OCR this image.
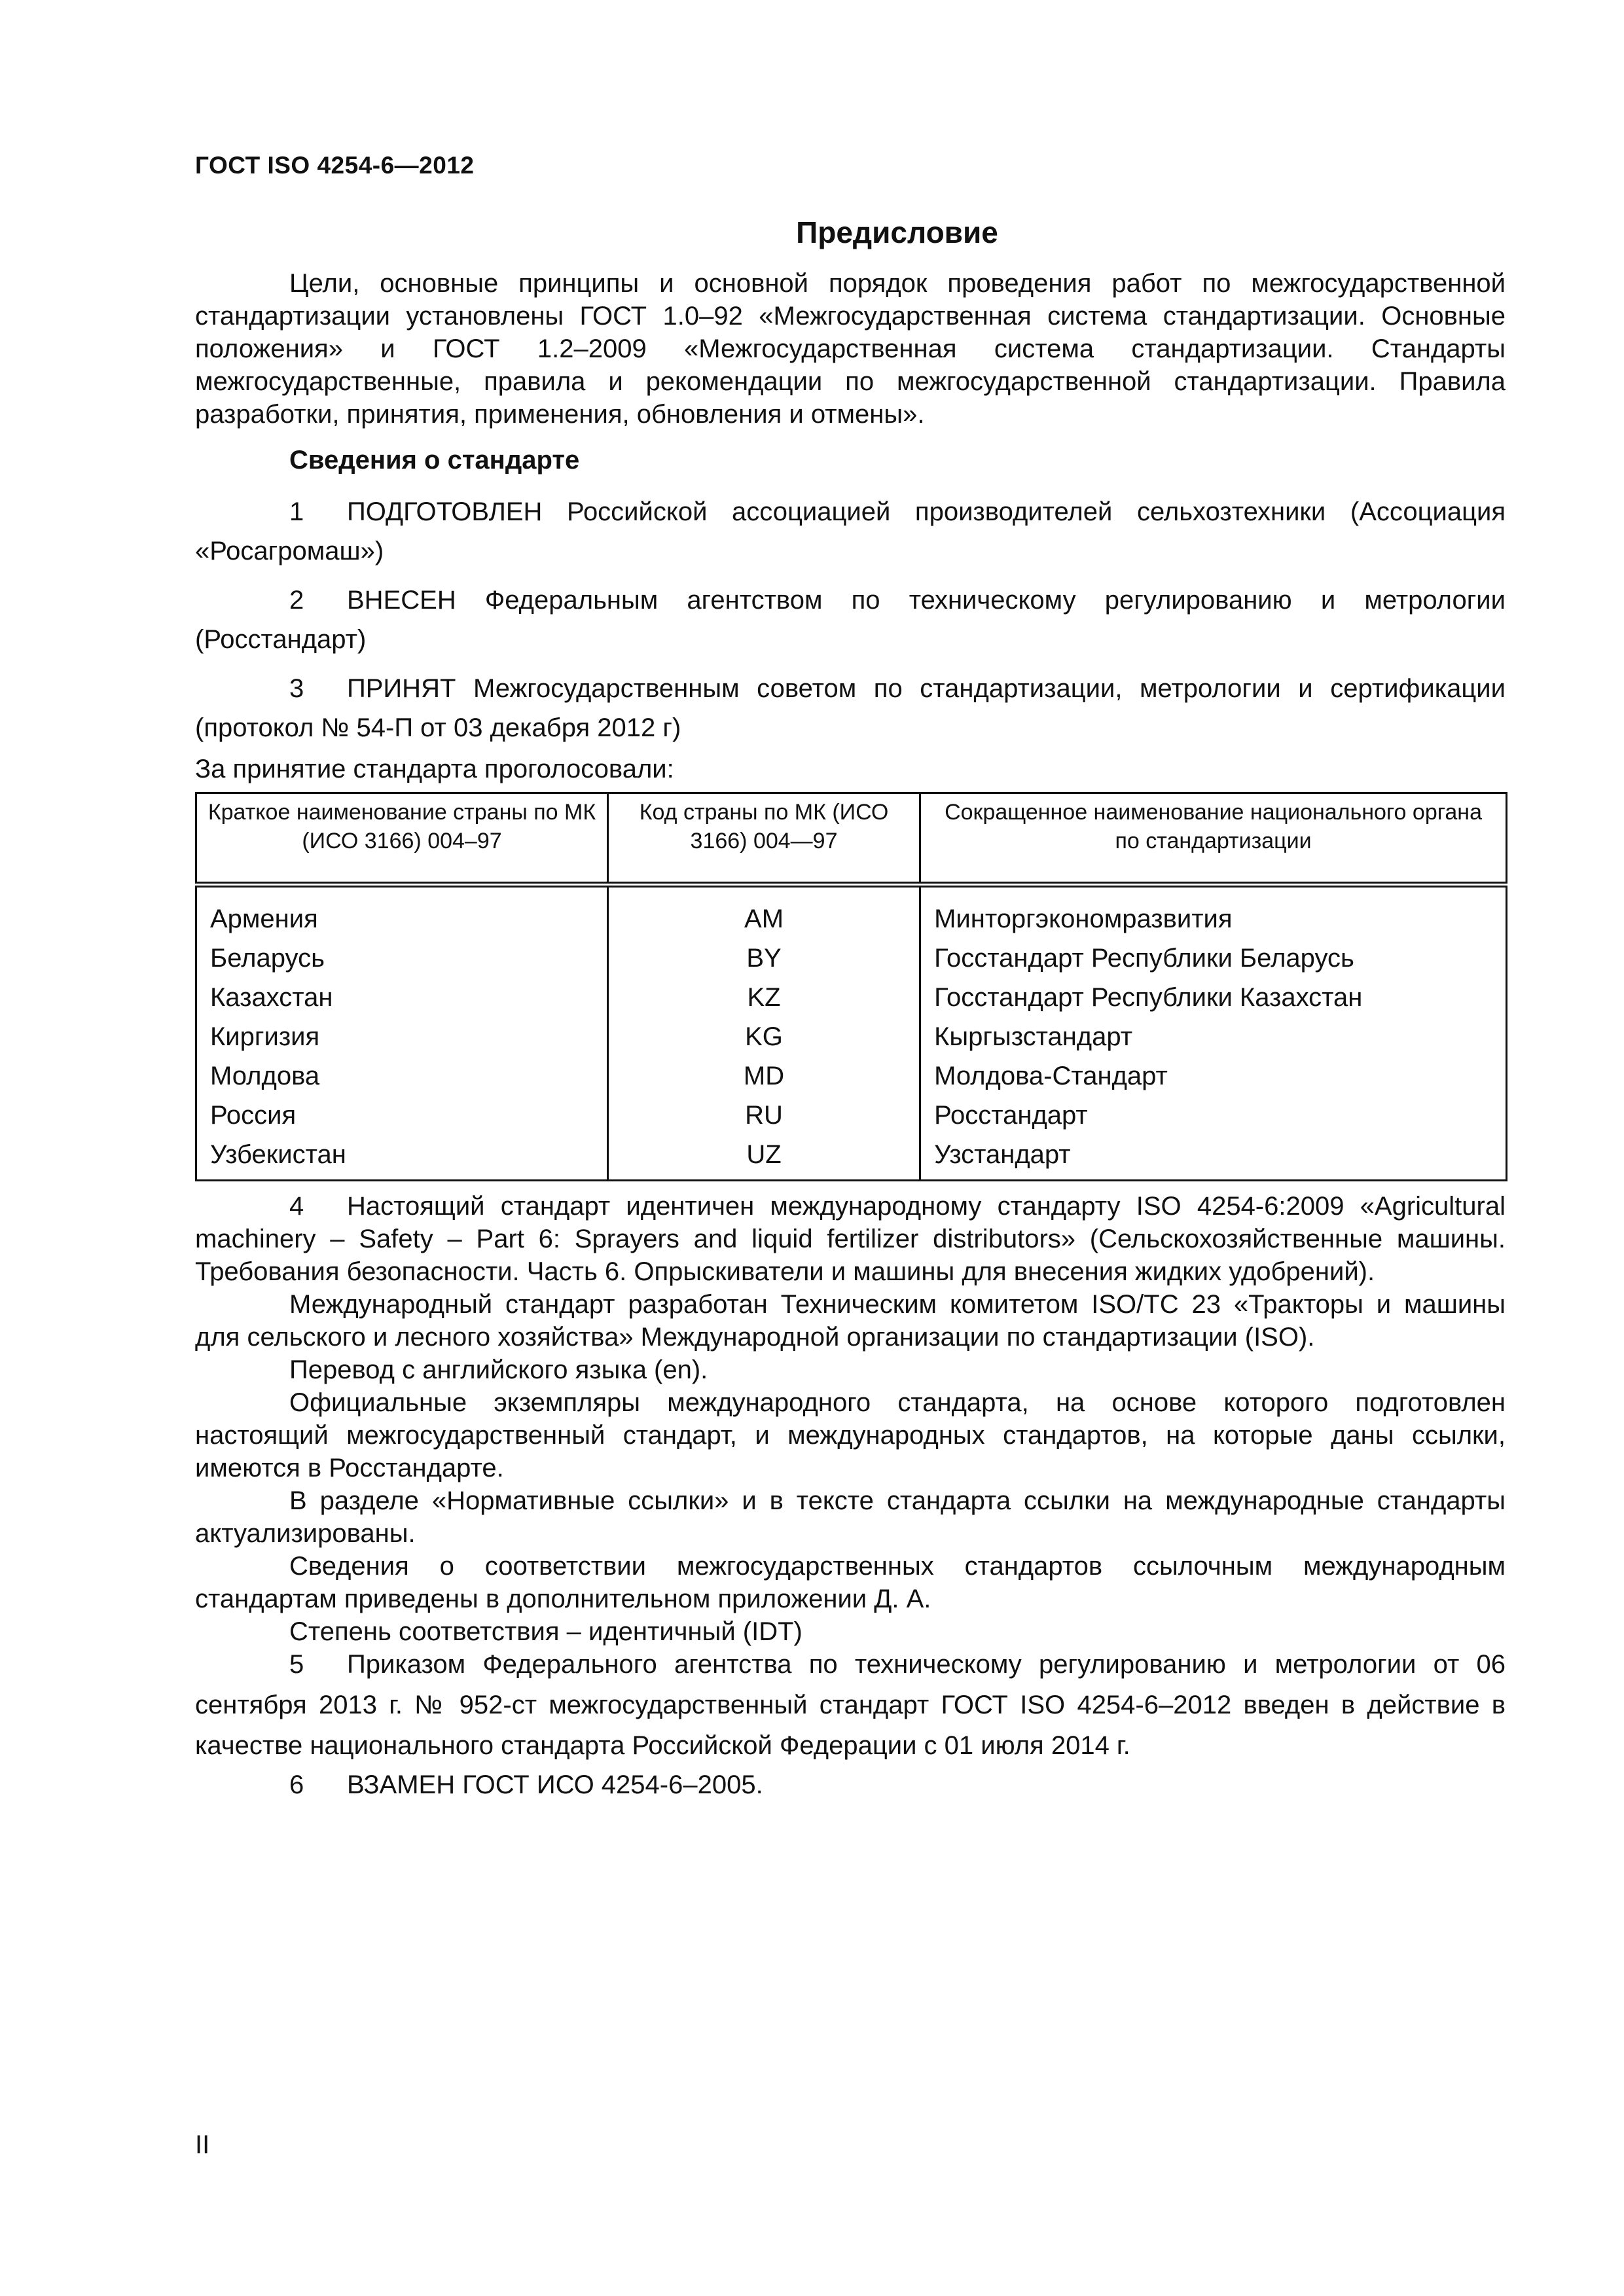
ГОСТ ISO 4254-6—2012
Предисловие

Цели, основные принципы и основной порядок проведения работ по межгосударственной стандартизации установлены ГОСТ 1.0–92 «Межгосударственная система стандартизации. Основные положения» и ГОСТ 1.2–2009 «Межгосударственная система стандартизации. Стандарты межгосударственные, правила и рекомендации по межгосударственной стандартизации. Правила разработки, принятия, применения, обновления и отмены».

Сведения о стандарте

1 ПОДГОТОВЛЕН Российской ассоциацией производителей сельхозтехники (Ассоциация «Росагромаш»)

2 ВНЕСЕН Федеральным агентством по техническому регулированию и метрологии (Росстандарт)

3 ПРИНЯТ Межгосударственным советом по стандартизации, метрологии и сертификации (протокол № 54-П от 03 декабря 2012 г)

За принятие стандарта проголосовали:

Краткое наименование страны по МК (ИСО 3166) 004–97	Код страны по МК (ИСО 3166) 004—97	Сокращенное наименование национального органа по стандартизации
Армения	AM	Минторгэкономразвития
Беларусь	BY	Госстандарт Республики Беларусь
Казахстан	KZ	Госстандарт Республики Казахстан
Киргизия	KG	Кыргызстандарт
Молдова	MD	Молдова-Стандарт
Россия	RU	Росстандарт
Узбекистан	UZ	Узстандарт

4 Настоящий стандарт идентичен международному стандарту ISO 4254-6:2009 «Agricultural machinery – Safety – Part 6: Sprayers and liquid fertilizer distributors» (Сельскохозяйственные машины. Требования безопасности. Часть 6. Опрыскиватели и машины для внесения жидких удобрений).

Международный стандарт разработан Техническим комитетом ISO/TC 23 «Тракторы и машины для сельского и лесного хозяйства» Международной организации по стандартизации (ISO).

Перевод с английского языка (en).

Официальные экземпляры международного стандарта, на основе которого подготовлен настоящий межгосударственный стандарт, и международных стандартов, на которые даны ссылки, имеются в Росстандарте.

В разделе «Нормативные ссылки» и в тексте стандарта ссылки на международные стандарты актуализированы.

Сведения о соответствии межгосударственных стандартов ссылочным международным стандартам приведены в дополнительном приложении Д. А.

Степень соответствия – идентичный (IDT)

5 Приказом Федерального агентства по техническому регулированию и метрологии от 06 сентября 2013 г. № 952-ст межгосударственный стандарт ГОСТ ISO 4254-6–2012 введен в действие в качестве национального стандарта Российской Федерации с 01 июля 2014 г.

6 ВЗАМЕН ГОСТ ИСО 4254-6–2005.

II
